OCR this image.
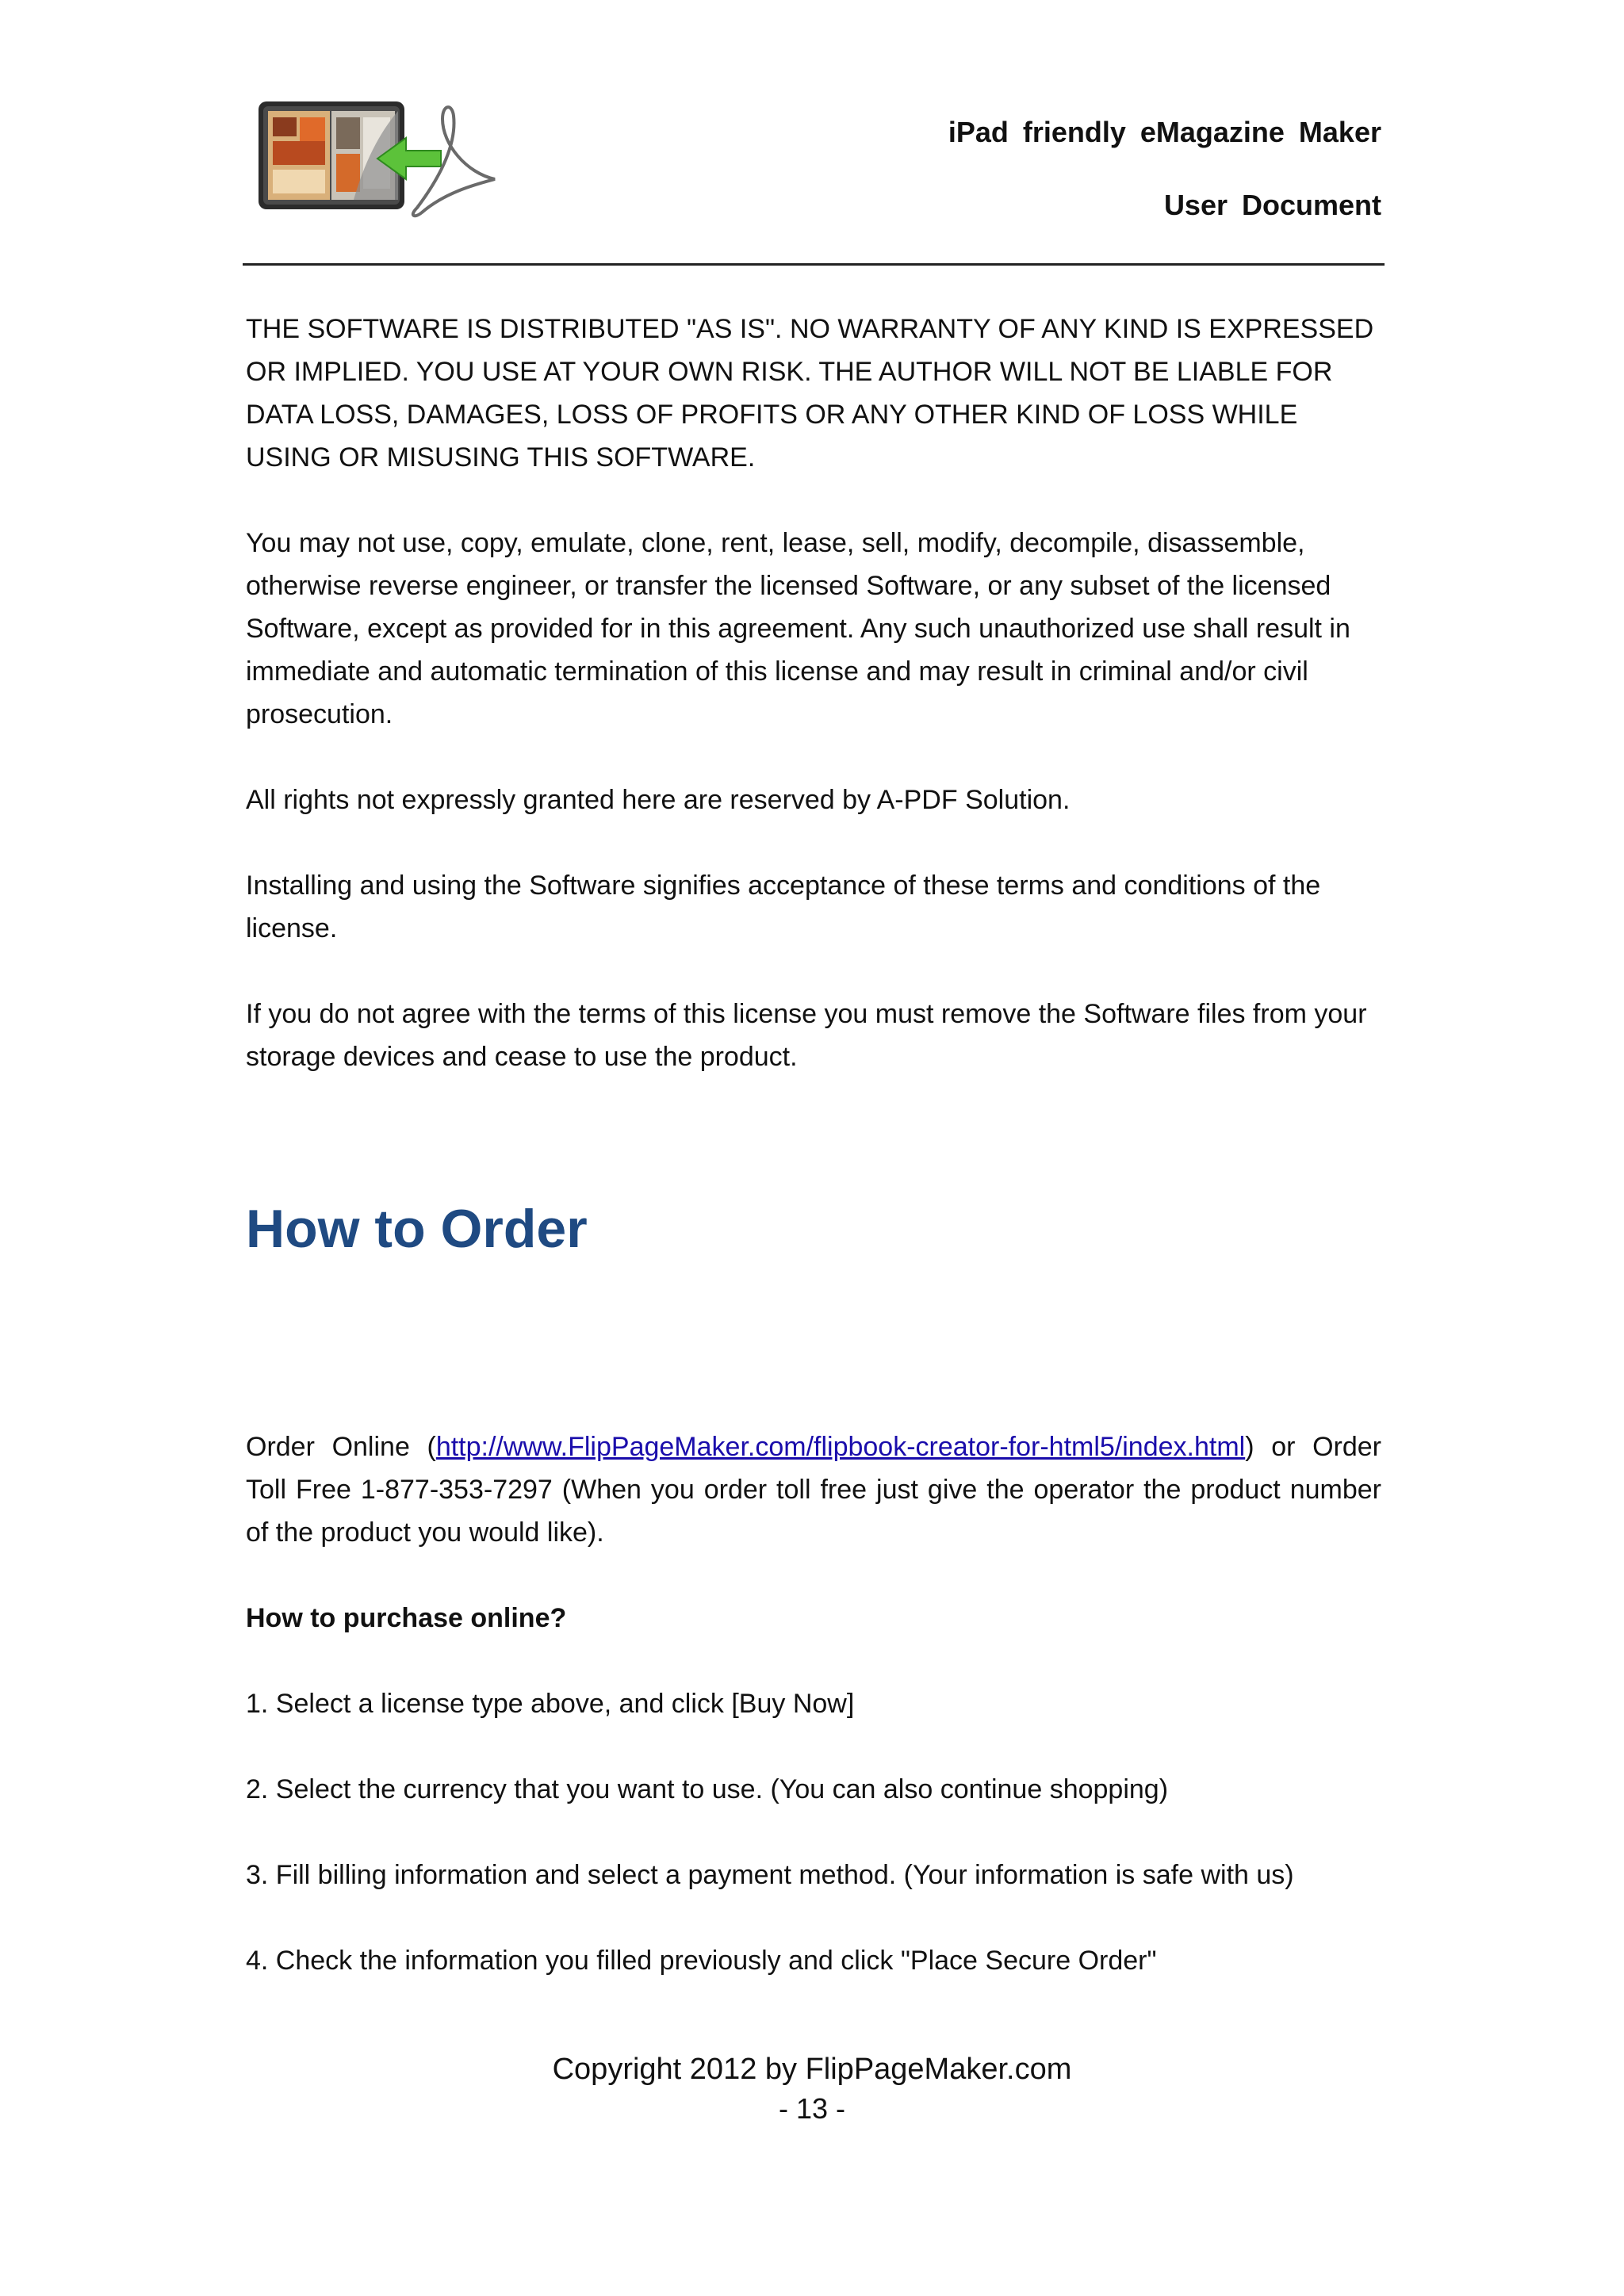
iPad friendly eMagazine Maker
User Document

THE SOFTWARE IS DISTRIBUTED "AS IS". NO WARRANTY OF ANY KIND IS EXPRESSED OR IMPLIED. YOU USE AT YOUR OWN RISK. THE AUTHOR WILL NOT BE LIABLE FOR DATA LOSS, DAMAGES, LOSS OF PROFITS OR ANY OTHER KIND OF LOSS WHILE USING OR MISUSING THIS SOFTWARE.

You may not use, copy, emulate, clone, rent, lease, sell, modify, decompile, disassemble, otherwise reverse engineer, or transfer the licensed Software, or any subset of the licensed Software, except as provided for in this agreement. Any such unauthorized use shall result in immediate and automatic termination of this license and may result in criminal and/or civil prosecution.

All rights not expressly granted here are reserved by A-PDF Solution.

Installing and using the Software signifies acceptance of these terms and conditions of the license.

If you do not agree with the terms of this license you must remove the Software files from your storage devices and cease to use the product.

How to Order

Order Online (http://www.FlipPageMaker.com/flipbook-creator-for-html5/index.html) or Order Toll Free 1-877-353-7297 (When you order toll free just give the operator the product number of the product you would like).

How to purchase online?

1. Select a license type above, and click [Buy Now]

2. Select the currency that you want to use. (You can also continue shopping)

3. Fill billing information and select a payment method. (Your information is safe with us)

4. Check the information you filled previously and click "Place Secure Order"

Copyright 2012 by FlipPageMaker.com
- 13 -
